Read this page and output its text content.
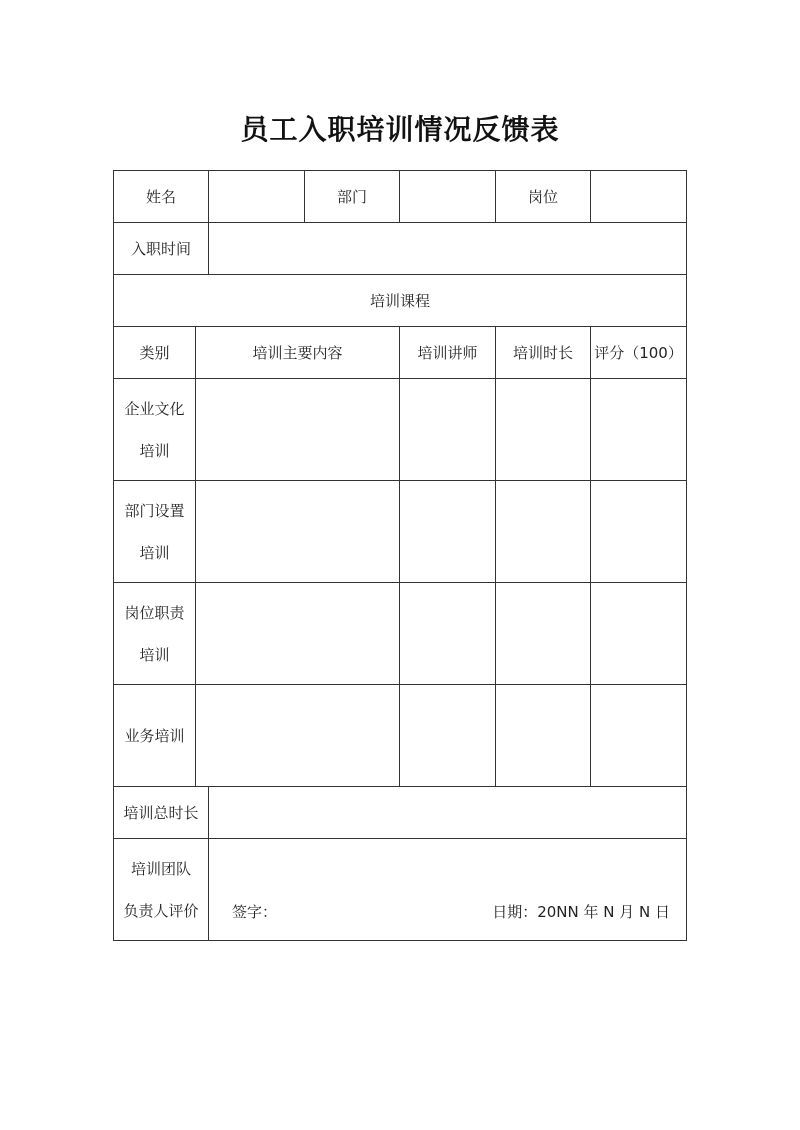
员工入职培训情况反馈表
姓名			部门		岗位	
入职时间						
培训课程						
类别	培训主要内容			培训讲师	培训时长	评分（100）

企业文化
培训						

部门设置
培训						

岗位职责
培训						

业务培训						
培训总时长						

培训团队
负责人评价		签字： 日期：20NN 年 N 月 N 日				
